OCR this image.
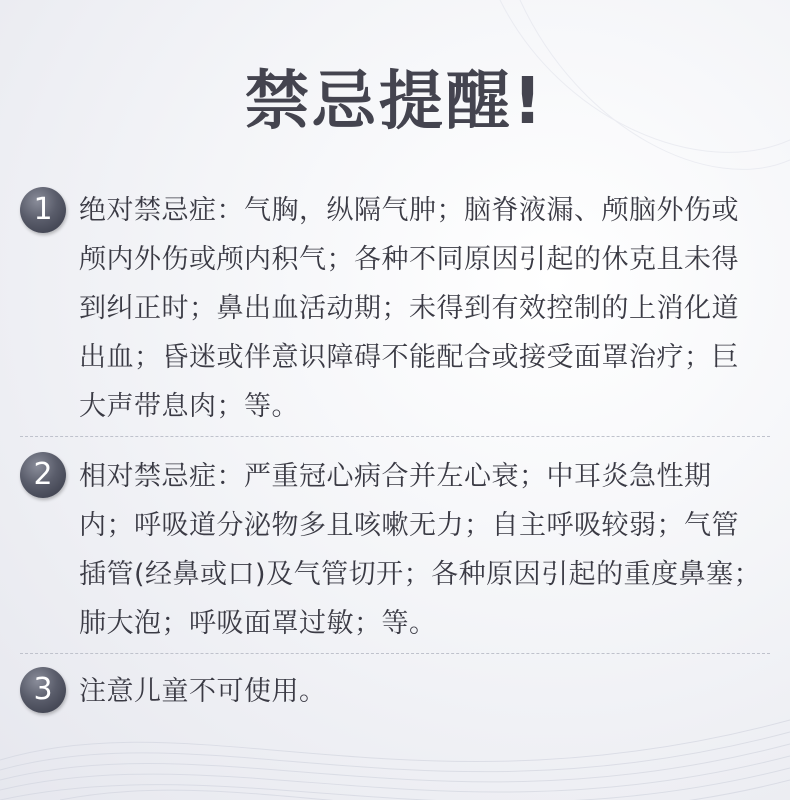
禁忌提醒!
1 绝对禁忌症：气胸，纵隔气肿；脑脊液漏、颅脑外伤或颅内外伤或颅内积气；各种不同原因引起的休克且未得到纠正时；鼻出血活动期；未得到有效控制的上消化道出血；昏迷或伴意识障碍不能配合或接受面罩治疗；巨大声带息肉；等。
2 相对禁忌症：严重冠心病合并左心衰；中耳炎急性期内；呼吸道分泌物多且咳嗽无力；自主呼吸较弱；气管插管(经鼻或口)及气管切开；各种原因引起的重度鼻塞；肺大泡；呼吸面罩过敏；等。
3 注意儿童不可使用。
